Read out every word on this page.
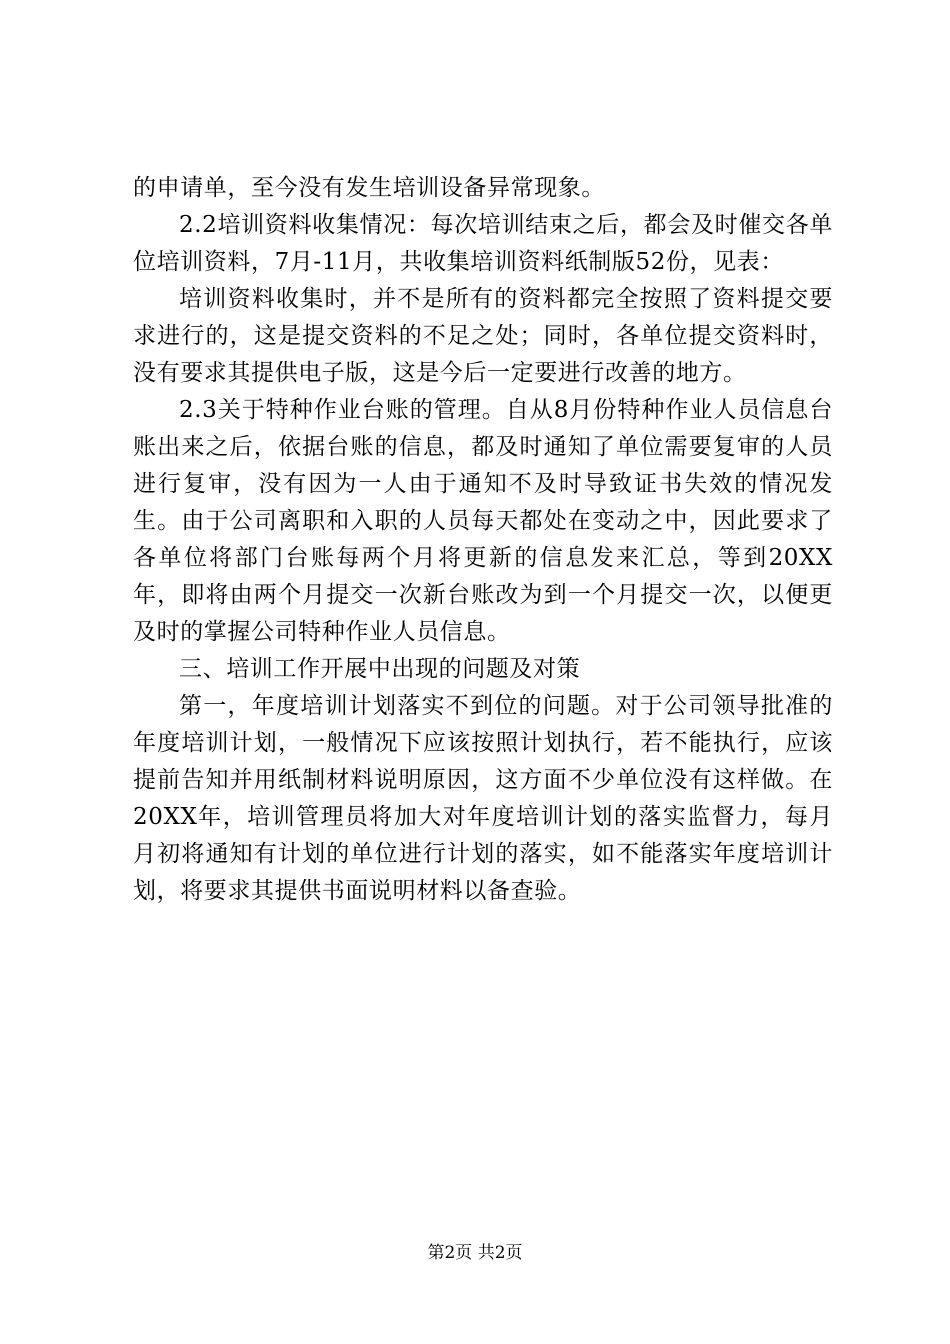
的申请单，至今没有发生培训设备异常现象。

2.2培训资料收集情况：每次培训结束之后，都会及时催交各单位培训资料，7月-11月，共收集培训资料纸制版52份，见表：

培训资料收集时，并不是所有的资料都完全按照了资料提交要求进行的，这是提交资料的不足之处；同时，各单位提交资料时，没有要求其提供电子版，这是今后一定要进行改善的地方。

2.3关于特种作业台账的管理。自从8月份特种作业人员信息台账出来之后，依据台账的信息，都及时通知了单位需要复审的人员进行复审，没有因为一人由于通知不及时导致证书失效的情况发生。由于公司离职和入职的人员每天都处在变动之中，因此要求了各单位将部门台账每两个月将更新的信息发来汇总，等到20XX年，即将由两个月提交一次新台账改为到一个月提交一次，以便更及时的掌握公司特种作业人员信息。

三、培训工作开展中出现的问题及对策

第一，年度培训计划落实不到位的问题。对于公司领导批准的年度培训计划，一般情况下应该按照计划执行，若不能执行，应该提前告知并用纸制材料说明原因，这方面不少单位没有这样做。在20XX年，培训管理员将加大对年度培训计划的落实监督力，每月月初将通知有计划的单位进行计划的落实，如不能落实年度培训计划，将要求其提供书面说明材料以备查验。

第2页 共2页
